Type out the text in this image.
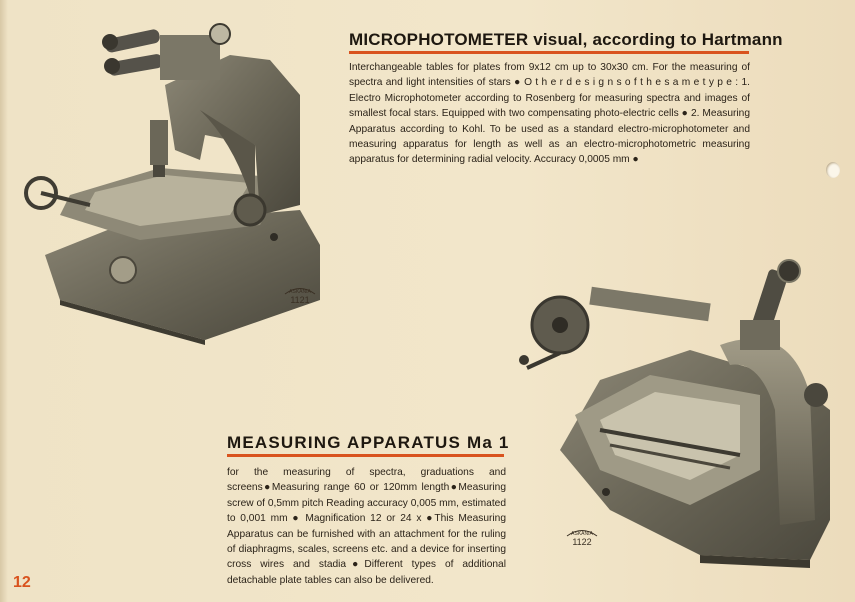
MICROPHOTOMETER visual, according to Hartmann
Interchangeable tables for plates from 9x12 cm up to 30x30 cm. For the measuring of spectra and light intensities of stars ● O t h e r d e s i g n s o f t h e s a m e t y p e : 1. Electro Microphotometer according to Rosenberg for measuring spectra and images of smallest focal stars. Equipped with two compensating photo-electric cells ● 2. Measuring Apparatus according to Kohl. To be used as a standard electro-microphotometer and measuring apparatus for length as well as an electro-microphotometric measuring apparatus for determining radial velocity. Accuracy 0,0005 mm ●
ASKANIA
1121
MEASURING APPARATUS Ma 1
for the measuring of spectra, graduations and screens●Measuring range 60 or 120mm length●Measuring screw of 0,5mm pitch Reading accuracy 0,005 mm, estimated to 0,001 mm ● Magnification 12 or 24 x ●This Measuring Apparatus can be furnished with an attachment for the ruling of diaphragms, scales, screens etc. and a device for inserting cross wires and stadia●Different types of additional detachable plate tables can also be delivered.
ASKANIA
1122
12
